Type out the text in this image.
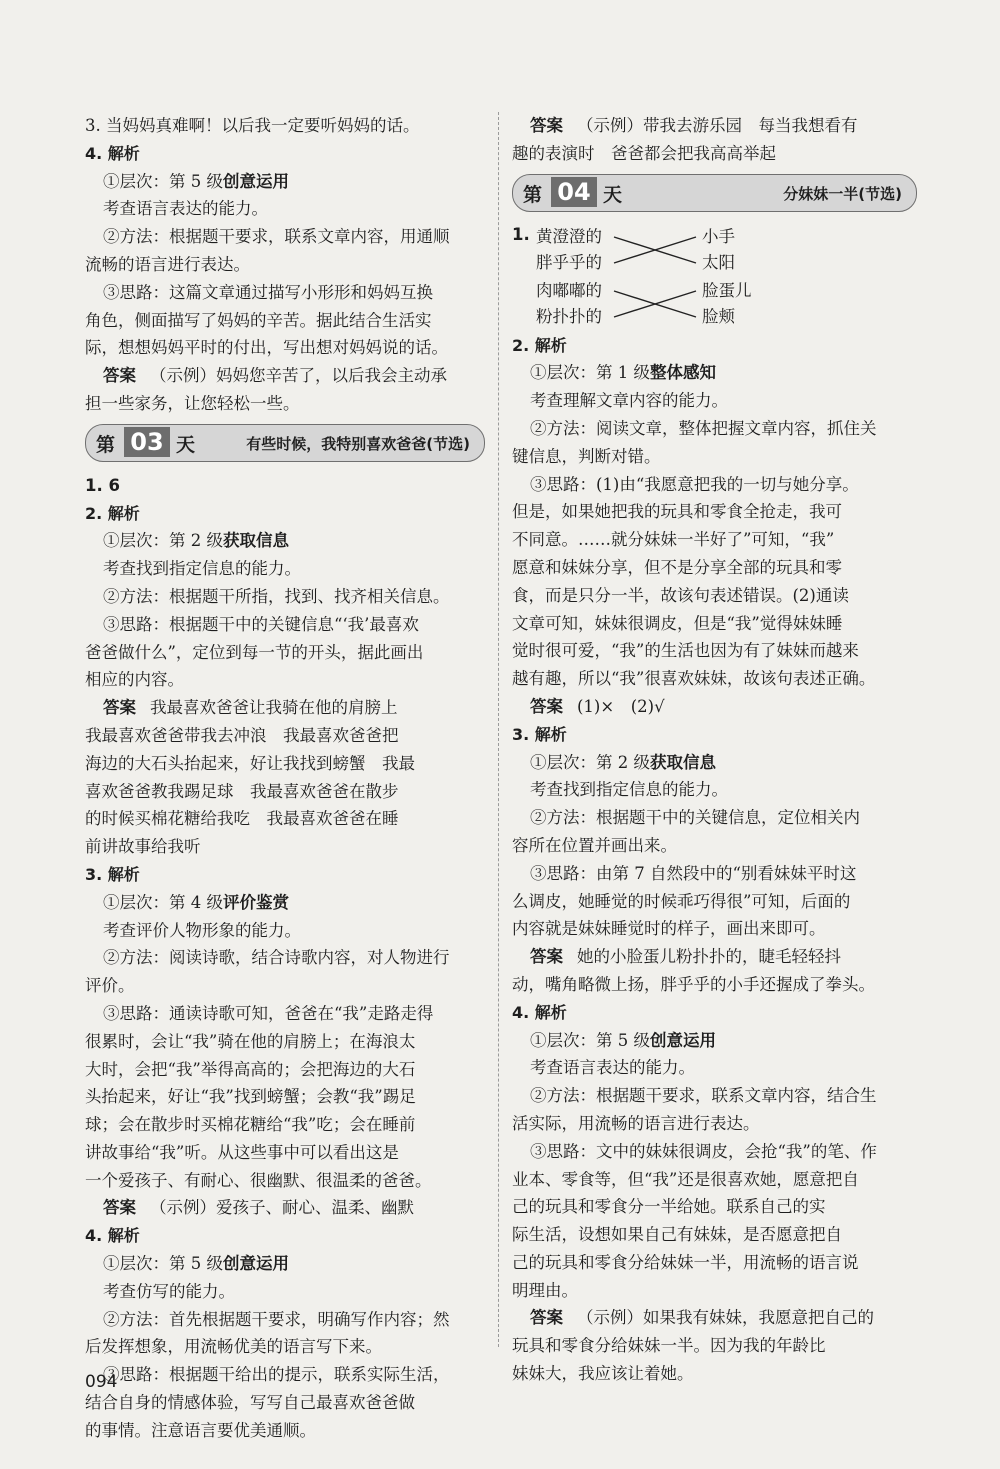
3. 当妈妈真难啊！以后我一定要听妈妈的话。
4. 解析
①层次：第 5 级创意运用
考查语言表达的能力。
②方法：根据题干要求，联系文章内容，用通顺
流畅的语言进行表达。
③思路：这篇文章通过描写小形形和妈妈互换
角色，侧面描写了妈妈的辛苦。据此结合生活实
际，想想妈妈平时的付出，写出想对妈妈说的话。
答案 （示例）妈妈您辛苦了，以后我会主动承
担一些家务，让您轻松一些。
第 03 天	有些时候，我特别喜欢爸爸(节选)
1. 6
2. 解析
①层次：第 2 级获取信息
考查找到指定信息的能力。
②方法：根据题干所指，找到、找齐相关信息。
③思路：根据题干中的关键信息“‘我’最喜欢
爸爸做什么”，定位到每一节的开头，据此画出
相应的内容。
答案 我最喜欢爸爸让我骑在他的肩膀上
我最喜欢爸爸带我去冲浪　我最喜欢爸爸把
海边的大石头抬起来，好让我找到螃蟹　我最
喜欢爸爸教我踢足球　我最喜欢爸爸在散步
的时候买棉花糖给我吃　我最喜欢爸爸在睡
前讲故事给我听
3. 解析
①层次：第 4 级评价鉴赏
考查评价人物形象的能力。
②方法：阅读诗歌，结合诗歌内容，对人物进行
评价。
③思路：通读诗歌可知，爸爸在“我”走路走得
很累时，会让“我”骑在他的肩膀上；在海浪太
大时，会把“我”举得高高的；会把海边的大石
头抬起来，好让“我”找到螃蟹；会教“我”踢足
球；会在散步时买棉花糖给“我”吃；会在睡前
讲故事给“我”听。从这些事中可以看出这是
一个爱孩子、有耐心、很幽默、很温柔的爸爸。
答案 （示例）爱孩子、耐心、温柔、幽默
4. 解析
①层次：第 5 级创意运用
考查仿写的能力。
②方法：首先根据题干要求，明确写作内容；然
后发挥想象，用流畅优美的语言写下来。
③思路：根据题干给出的提示，联系实际生活，
结合自身的情感体验，写写自己最喜欢爸爸做
的事情。注意语言要优美通顺。
答案 （示例）带我去游乐园　每当我想看有
趣的表演时　爸爸都会把我高高举起
第 04 天	分妹妹一半(节选)
1. 黄澄澄的
胖乎乎的
肉嘟嘟的
粉扑扑的
小手
太阳
脸蛋儿
脸颊
2. 解析
①层次：第 1 级整体感知
考查理解文章内容的能力。
②方法：阅读文章，整体把握文章内容，抓住关
键信息，判断对错。
③思路：(1)由“我愿意把我的一切与她分享。
但是，如果她把我的玩具和零食全抢走，我可
不同意。……就分妹妹一半好了”可知，“我”
愿意和妹妹分享，但不是分享全部的玩具和零
食，而是只分一半，故该句表述错误。(2)通读
文章可知，妹妹很调皮，但是“我”觉得妹妹睡
觉时很可爱，“我”的生活也因为有了妹妹而越来
越有趣，所以“我”很喜欢妹妹，故该句表述正确。
答案 (1)×　(2)√
3. 解析
①层次：第 2 级获取信息
考查找到指定信息的能力。
②方法：根据题干中的关键信息，定位相关内
容所在位置并画出来。
③思路：由第 7 自然段中的“别看妹妹平时这
么调皮，她睡觉的时候乖巧得很”可知，后面的
内容就是妹妹睡觉时的样子，画出来即可。
答案 她的小脸蛋儿粉扑扑的，睫毛轻轻抖
动，嘴角略微上扬，胖乎乎的小手还握成了拳头。
4. 解析
①层次：第 5 级创意运用
考查语言表达的能力。
②方法：根据题干要求，联系文章内容，结合生
活实际，用流畅的语言进行表达。
③思路：文中的妹妹很调皮，会抢“我”的笔、作
业本、零食等，但“我”还是很喜欢她，愿意把自
己的玩具和零食分一半给她。联系自己的实
际生活，设想如果自己有妹妹，是否愿意把自
己的玩具和零食分给妹妹一半，用流畅的语言说
明理由。
答案 （示例）如果我有妹妹，我愿意把自己的
玩具和零食分给妹妹一半。因为我的年龄比
妹妹大，我应该让着她。
094
